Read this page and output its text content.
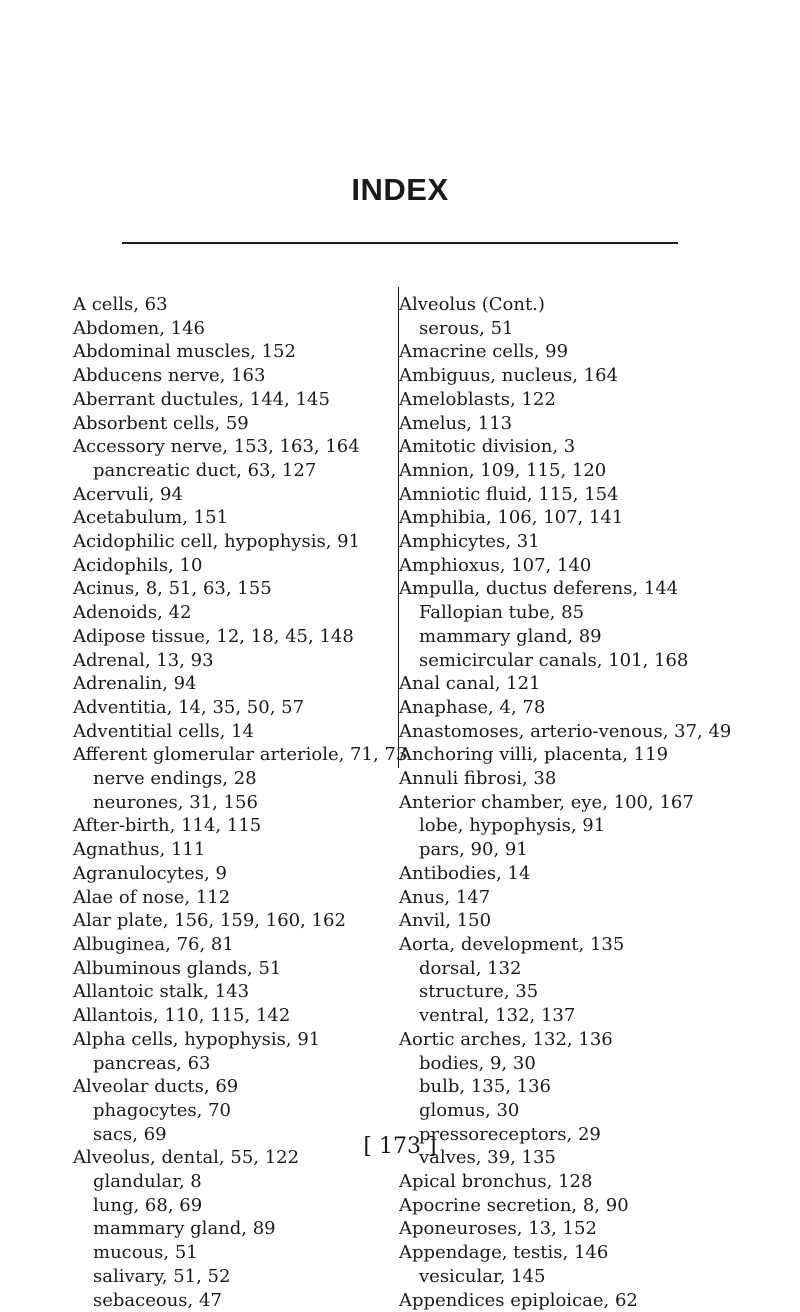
INDEX
A cells, 63
Abdomen, 146
Abdominal muscles, 152
Abducens nerve, 163
Aberrant ductules, 144, 145
Absorbent cells, 59
Accessory nerve, 153, 163, 164
pancreatic duct, 63, 127
Acervuli, 94
Acetabulum, 151
Acidophilic cell, hypophysis, 91
Acidophils, 10
Acinus, 8, 51, 63, 155
Adenoids, 42
Adipose tissue, 12, 18, 45, 148
Adrenal, 13, 93
Adrenalin, 94
Adventitia, 14, 35, 50, 57
Adventitial cells, 14
Afferent glomerular arteriole, 71, 73
nerve endings, 28
neurones, 31, 156
After-birth, 114, 115
Agnathus, 111
Agranulocytes, 9
Alae of nose, 112
Alar plate, 156, 159, 160, 162
Albuginea, 76, 81
Albuminous glands, 51
Allantoic stalk, 143
Allantois, 110, 115, 142
Alpha cells, hypophysis, 91
pancreas, 63
Alveolar ducts, 69
phagocytes, 70
sacs, 69
Alveolus, dental, 55, 122
glandular, 8
lung, 68, 69
mammary gland, 89
mucous, 51
salivary, 51, 52
sebaceous, 47
Alveolus (Cont.)
serous, 51
Amacrine cells, 99
Ambiguus, nucleus, 164
Ameloblasts, 122
Amelus, 113
Amitotic division, 3
Amnion, 109, 115, 120
Amniotic fluid, 115, 154
Amphibia, 106, 107, 141
Amphicytes, 31
Amphioxus, 107, 140
Ampulla, ductus deferens, 144
Fallopian tube, 85
mammary gland, 89
semicircular canals, 101, 168
Anal canal, 121
Anaphase, 4, 78
Anastomoses, arterio-venous, 37, 49
Anchoring villi, placenta, 119
Annuli fibrosi, 38
Anterior chamber, eye, 100, 167
lobe, hypophysis, 91
pars, 90, 91
Antibodies, 14
Anus, 147
Anvil, 150
Aorta, development, 135
dorsal, 132
structure, 35
ventral, 132, 137
Aortic arches, 132, 136
bodies, 9, 30
bulb, 135, 136
glomus, 30
pressoreceptors, 29
valves, 39, 135
Apical bronchus, 128
Apocrine secretion, 8, 90
Aponeuroses, 13, 152
Appendage, testis, 146
vesicular, 145
Appendices epiploicae, 62
[ 173 ]
